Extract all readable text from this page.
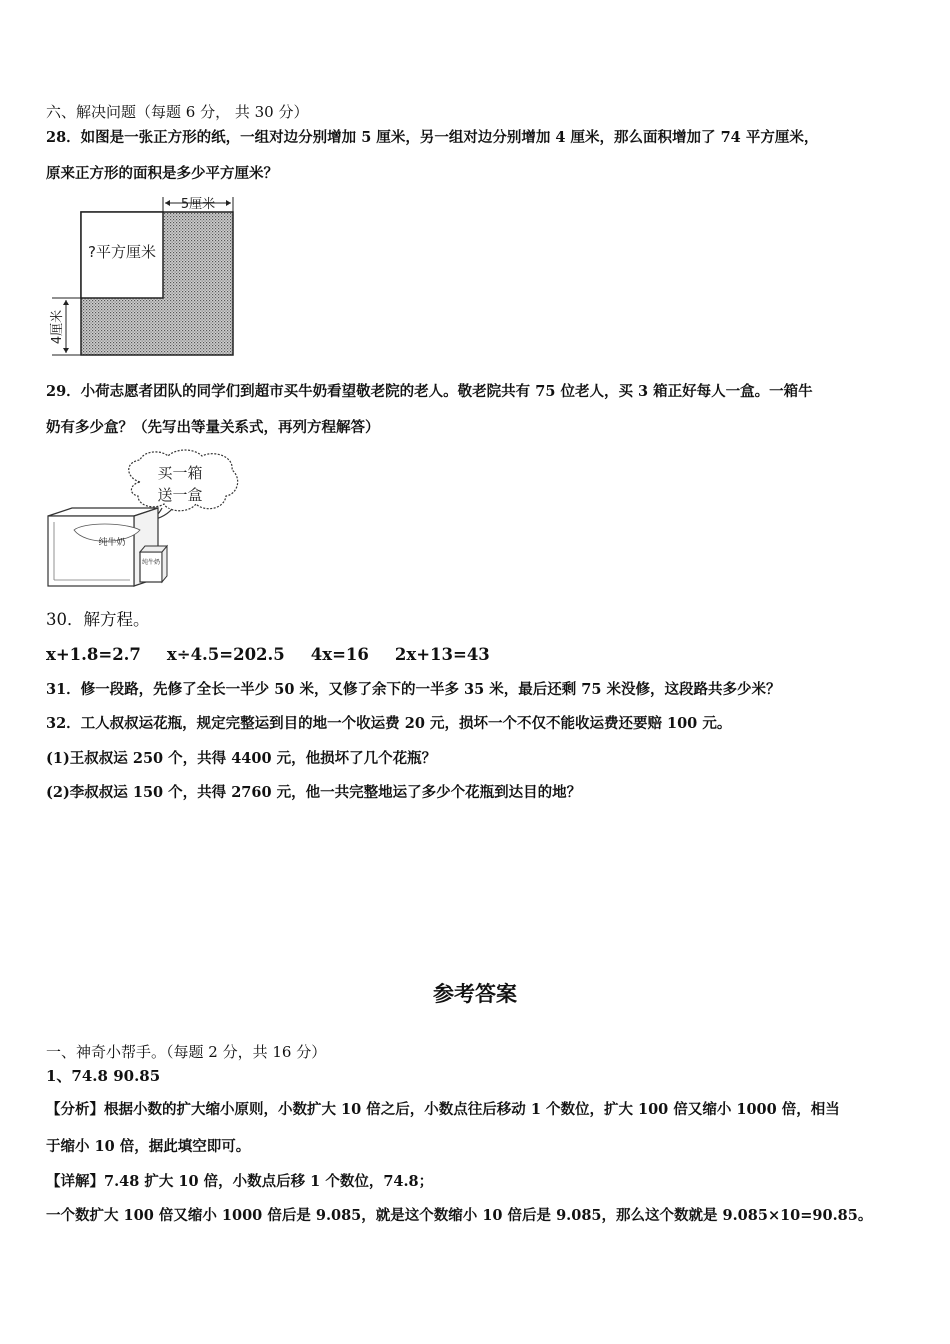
六、解决问题（每题 6 分， 共 30 分）
28．如图是一张正方形的纸，一组对边分别增加 5 厘米，另一组对边分别增加 4 厘米，那么面积增加了 74 平方厘米，
原来正方形的面积是多少平方厘米？
5厘米
4厘米
?平方厘米
29．小荷志愿者团队的同学们到超市买牛奶看望敬老院的老人。敬老院共有 75 位老人，买 3 箱正好每人一盒。一箱牛
奶有多少盒？（先写出等量关系式，再列方程解答）
买一箱
送一盒
纯牛奶
纯牛奶
30．解方程。
x+1.8=2.7 x÷4.5=202.5 4x=16 2x+13=43
31．修一段路，先修了全长一半少 50 米，又修了余下的一半多 35 米，最后还剩 75 米没修，这段路共多少米？
32．工人叔叔运花瓶，规定完整运到目的地一个收运费 20 元，损坏一个不仅不能收运费还要赔 100 元。
(1)王叔叔运 250 个，共得 4400 元，他损坏了几个花瓶？
(2)李叔叔运 150 个，共得 2760 元，他一共完整地运了多少个花瓶到达目的地？
参考答案
一、神奇小帮手。（每题 2 分，共 16 分）
1、74.8 90.85
【分析】根据小数的扩大缩小原则，小数扩大 10 倍之后，小数点往后移动 1 个数位，扩大 100 倍又缩小 1000 倍，相当
于缩小 10 倍，据此填空即可。
【详解】7.48 扩大 10 倍，小数点后移 1 个数位，74.8；
一个数扩大 100 倍又缩小 1000 倍后是 9.085，就是这个数缩小 10 倍后是 9.085，那么这个数就是 9.085×10=90.85。
